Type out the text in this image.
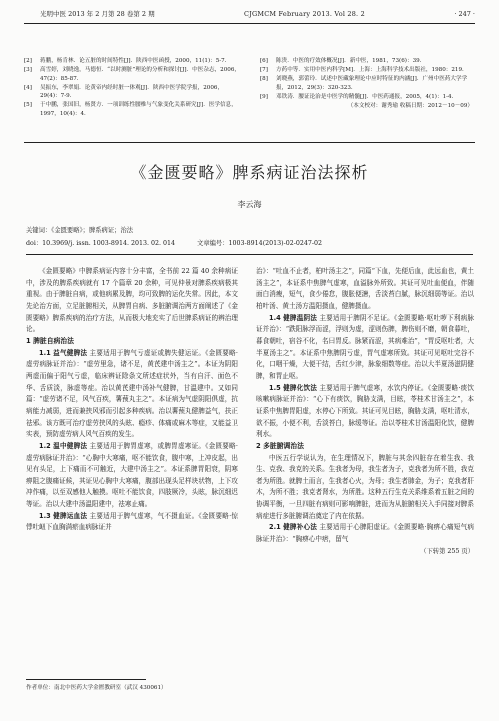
光明中医 2013 年 2 月第 28 卷第 2 期	CJGMCM February 2013. Vol 28. 2	· 247 ·
[2]	蒋鹏，杨肯林．论五脏的时间特性[J]．陕西中医函授，2000，11(1)：5-7.
[3]	高雪婷，刘晓逸，马德恒．“以时测脏”理论的分析和探讨[J]．中医杂志，2006，47(2)：85-87.
[4]	吴振东，李翠娟．论黄帝内经时脏一体观[J]．陕西中医学院学报，2006，29(4)：7-9.
[5]	于中鹏，张国旧，杨贤方．一项训练性腰椎与气象变化关系研究[J]．医学信息，1997，10(4)：4.
[6]	陈贵．中医的疗效体概况[J]．新中医，1981，73(6)：39.
[7]	方药中等．实用中医内科学[M]．上海：上海科学技术出版社，1980：219.
[8]	刘晓燕，郭蕾玲．试述中医藏象理论中应时特征的内涵[J]．广州中医药大学学报，2012，29(3)：320-323.
[9]	邓铁涛．腰证论治是中医学的精髓[J]．中医药通报，2005，4(1)：1-4.
（本文校对：谢秀瑜 收稿日期：2012－10－09）
《金匮要略》脾系病证治法探析
李云海
关键词：《金匮要略》；脾系病证；治法
doi：10.3969/j. issn. 1003-8914. 2013. 02. 014	文章编号：1003-8914(2013)-02-0247-02

《金匮要略》中脾系病证内容十分丰富，全书前 22 篇 40 余种病证中，涉及的脾系疾病就有 17 个篇章 20 余种，可见仲景对脾系疾病极其重视。由于脾脏自病，或他病累及脾，均可致脾的运化失常。因此，本文先论治方面，立足脏腑相关，从脾胃自病、多脏腑调治两方面阐述了《金匮要略》脾系疾病的治疗方法，从而极大地充实了后世脾系病证的辨治理论。

1 脾脏自病治法

1.1 益气健脾法 主要适用于脾气亏虚证或脾失健运证。《金匮要略·虚劳病脉证并治》：“虚劳里急，诸不足，黄芪建中汤主之”。本证为阴阳两虚而偏于阳气亏虚，临床辨证除条文所述症状外，当有自汗、面色不华、舌质淡，脉虚等症。治以黄芪建中汤补气健脾，甘温建中。又如同篇：“虚劳诸不足，风气百疾，薯蓣丸主之”。本证病为气虚阴阳俱虚，抗病能力减弱，进而兼挟风邪而引起多种疾病。治以薯蓣丸健脾益气，扶正祛邪。该方既可治疗虚劳挟风的头眩、瘾疹、体痛或麻木等症，又能益卫实表，预防虚劳病人风气百疾的发生。

1.2 温中健脾法 主要适用于脾胃虚寒，或脾胃虚寒证。《金匮要略·虚劳病脉证并治》：“心胸中大寒痛，呕不能饮食，腹中寒，上冲皮起，出见有头足，上下痛而不可触近，大建中汤主之”。本证系脾胃阳衰，阴寒痹阻之腹痛证候，其证见心胸中大寒痛，腹部出现头足样块状物，上下攻冲作痛，以至双感他人触摸。呕吐不能饮食，四肢厥冷，头眩，脉沉细迟等证。治以大建中汤温阳建中，祛寒止痛。

1.3 健脾运血法 主要适用于脾气虚寒，气不摄血证。《金匮要略·惊悸吐衄下血胸满瘀血病脉证并

治》：“吐血不止者，柏叶汤主之”，同篇“下血，先便后血，此远血也，黄土汤主之”，本证系中焦脾气虚寒，血溢脉外所致。其证可见吐血便血，伴随面白消瘦，短气，食少倦怠，腹胀便溏，舌淡苔白腻，脉沉细弱等证。治以柏叶汤、黄土汤方温阳摄血，健脾摄血。

1.4 健脾温阴法 主要适用于脾阴不足证。《金匮要略·呕吐哕下利病脉证并治》：“跌阳脉浮而涩，浮则为虚，涩则伤脾，脾伤则不磨，朝食暮吐，暮食朝吐，宿谷不化，名曰胃反。脉紧而涩，其病难治”，“胃反呕吐者，大半夏汤主之”。本证系中焦脾阴亏虚，胃气虚寒所致。其证可见呕吐完谷不化，口咽干燥，大便干结，舌红少津，脉象细数等症。治以大半夏汤滋阴健脾，和胃止呕。

1.5 健脾化饮法 主要适用于脾气虚寒，水饮内停证。《金匮要略·痰饮咳嗽病脉证并治》：“心下有痰饮，胸胁支满，目眩，苓桂术甘汤主之”，本证系中焦脾胃阳虚，水停心下所致。其证可见目眩，胸胁支满，呕吐清水，欲不振，小便不利，舌淡苔白，脉缓等证。治以苓桂术甘汤温阳化饮，健脾利水。

2 多脏腑调治法

中医五行学说认为，在生理情况下，脾脏与其余四脏存在着生我、我生、克我、我克的关系。生我者为母，我生者为子，克我者为所不胜，我克者为所胜。就脾土而言，生我者心火，为母；我生者肺金，为子；克我者肝木，为所不胜；我克者肾水，为所胜。这种五行生克关系维系着五脏之间的协调平衡，一旦四脏有病则可影响脾脏，进而为从脏腑相关入手同接对脾系病症进行多脏腑调治奠定了内在依据。

2.1 健脾补心法 主要适用于心脾阳虚证。《金匮要略·胸痹心痛短气病脉证并治》：“胸痹心中痞，留气

（下转第 255 页）

作者单位：南北中医药大学金匮教研室（武汉 430061）
